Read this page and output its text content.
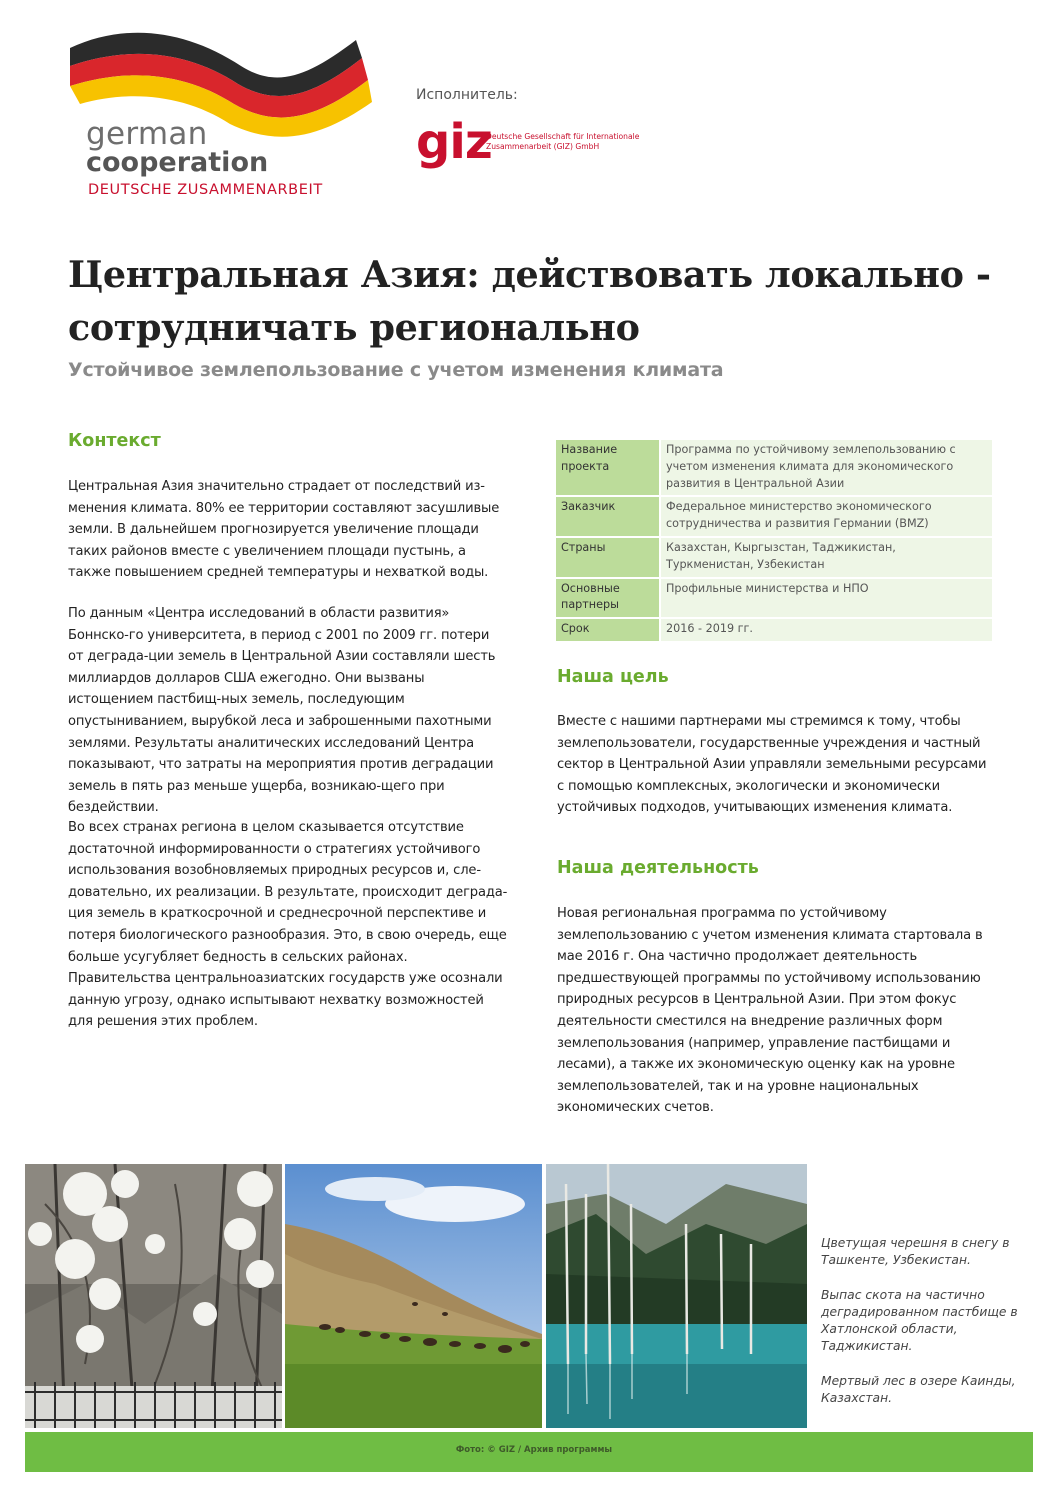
german
cooperation
DEUTSCHE ZUSAMMENARBEIT
Исполнитель:
giz
Deutsche Gesellschaft für Internationale Zusammenarbeit (GIZ) GmbH
Центральная Азия: действовать локально - сотрудничать регионально
Устойчивое землепользование с учетом изменения климата
Контекст

Центральная Азия значительно страдает от последствий из-менения климата. 80% ее территории составляют засушливые земли. В дальнейшем прогнозируется увеличение площади таких районов вместе с увеличением площади пустынь, а также повышением средней температуры и нехваткой воды.

По данным «Центра исследований в области развития» Боннско-го университета, в период с 2001 по 2009 гг. потери от деграда-ции земель в Центральной Азии составляли шесть миллиардов долларов США ежегодно. Они вызваны истощением пастбищ-ных земель, последующим опустыниванием, вырубкой леса и заброшенными пахотными землями. Результаты аналитических исследований Центра показывают, что затраты на мероприятия против деградации земель в пять раз меньше ущерба, возникаю-щего при бездействии.

Во всех странах региона в целом сказывается отсутствие достаточной информированности о стратегиях устойчивого использования возобновляемых природных ресурсов и, сле-довательно, их реализации. В результате, происходит деграда-ция земель в краткосрочной и среднесрочной перспективе и потеря биологического разнообразия. Это, в свою очередь, еще больше усугубляет бедность в сельских районах. Правительства центральноазиатских государств уже осознали данную угрозу, однако испытывают нехватку возможностей для решения этих проблем.

Название проекта	Программа по устойчивому землепользованию с учетом изменения климата для экономического развития в Центральной Азии
Заказчик	Федеральное министерство экономического сотрудничества и развития Германии (BMZ)
Страны	Казахстан, Кыргызстан, Таджикистан, Туркменистан, Узбекистан
Основные партнеры	Профильные министерства и НПО
Срок	2016 - 2019 гг.
Наша цель

Вместе с нашими партнерами мы стремимся к тому, чтобы землепользователи, государственные учреждения и частный сектор в Центральной Азии управляли земельными ресурсами с помощью комплексных, экологически и экономически устойчивых подходов, учитывающих изменения климата.

Наша деятельность

Новая региональная программа по устойчивому землепользованию с учетом изменения климата стартовала в мае 2016 г. Она частично продолжает деятельность предшествующей программы по устойчивому использованию природных ресурсов в Центральной Азии. При этом фокус деятельности сместился на внедрение различных форм землепользования (например, управление пастбищами и лесами), а также их экономическую оценку как на уровне землепользователей, так и на уровне национальных экономических счетов.

Цветущая черешня в снегу в Ташкенте, Узбекистан.

Выпас скота на частично деградированном пастбище в Хатлонской области, Таджикистан.

Мертвый лес в озере Каинды, Казахстан.

Фото: © GIZ / Архив программы
